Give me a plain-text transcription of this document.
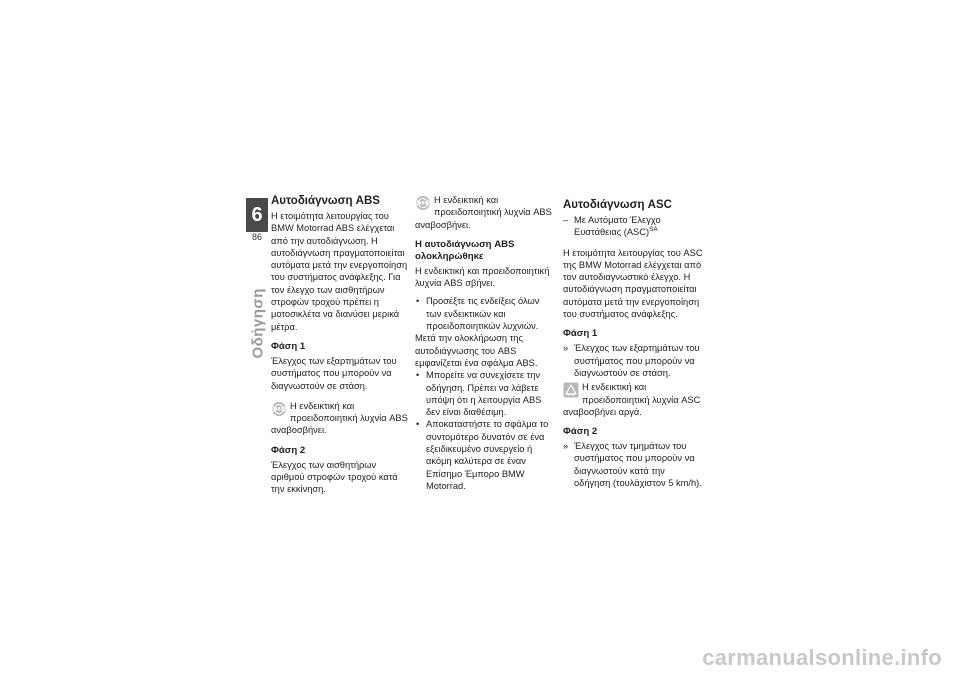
6
86
Οδήγηση
Αυτοδιάγνωση ABS

Η ετοιμότητα λειτουργίας του BMW Motorrad ABS ελέγχεται από την αυτοδιάγνωση. Η αυτοδιάγνωση πραγματοποιείται αυτόματα μετά την ενεργοποίηση του συστήματος ανάφλεξης. Για τον έλεγχο των αισθητήρων στροφών τροχού πρέπει η μοτοσικλέτα να διανύσει μερικά μέτρα.

Φάση 1

Έλεγχος των εξαρτημάτων του συστήματος που μπορούν να διαγνωστούν σε στάση.

ABS Η ενδεικτική και προειδοποιητική λυχνία ABS αναβοσβήνει.
Φάση 2

Έλεγχος των αισθητήρων αριθμού στροφών τροχού κατά την εκκίνηση.

ABS Η ενδεικτική και προειδοποιητική λυχνία ABS αναβοσβήνει.
Η αυτοδιάγνωση ABS ολοκληρώθηκε

Η ενδεικτική και προειδοποιητική λυχνία ABS σβήνει.

• Προσέξτε τις ενδείξεις όλων των ενδεικτικών και προειδοποιητικών λυχνιών.

Μετά την ολοκλήρωση της αυτοδιάγνωσης του ABS εμφανίζεται ένα σφάλμα ABS.

• Μπορείτε να συνεχίσετε την οδήγηση. Πρέπει να λάβετε υπόψη ότι η λειτουργία ABS δεν είναι διαθέσιμη.
• Αποκαταστήστε το σφάλμα το συντομότερο δυνατόν σε ένα εξειδικευμένο συνεργείο ή ακόμη καλύτερα σε έναν Επίσημο Έμπορο BMW Motorrad.
Αυτοδιάγνωση ASC
– Με Αυτόματο Έλεγχο Ευστάθειας (ASC)$^{SA}$

Η ετοιμότητα λειτουργίας του ASC της BMW Motorrad ελέγχεται από τον αυτοδιαγνωστικό έλεγχο. Η αυτοδιάγνωση πραγματοποιείται αυτόματα μετά την ενεργοποίηση του συστήματος ανάφλεξης.

Φάση 1
» Έλεγχος των εξαρτημάτων του συστήματος που μπορούν να διαγνωστούν σε στάση.
Η ενδεικτική και προειδοποιητική λυχνία ASC αναβοσβήνει αργά.
Φάση 2
» Έλεγχος των τμημάτων του συστήματος που μπορούν να διαγνωστούν κατά την οδήγηση (τουλάχιστον 5 km/h).
carmanualsonline.info
